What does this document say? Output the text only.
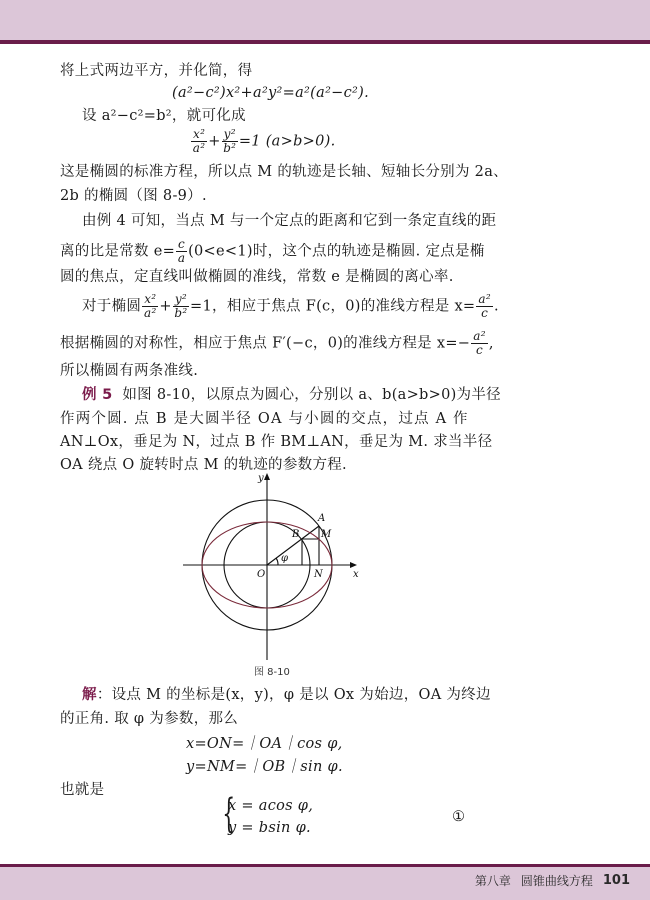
将上式两边平方，并化简，得
(a²−c²)x²+a²y²=a²(a²−c²).
设 a²−c²=b²，就可化成
$\frac{\text{x²}}{\text{a²}} + \frac{\text{y²}}{\text{b²}} =1$ (a>b>0).
这是椭圆的标准方程，所以点 M 的轨迹是长轴、短轴长分别为 2a、
2b 的椭圆（图 8-9）.
由例 4 可知，当点 M 与一个定点的距离和它到一条定直线的距
离的比是常数 $e= \frac{c}{a} (0<e<1)$时，这个点的轨迹是椭圆. 定点是椭
圆的焦点，定直线叫做椭圆的准线，常数 e 是椭圆的离心率.
对于椭圆 $\frac{\text{x²}}{\text{a²}} + \frac{\text{y²}}{\text{b²}} =1$，相应于焦点 F(c，0)的准线方程是 $x= \frac{\text{a²}}{c}$ .
根据椭圆的对称性，相应于焦点 F′(−c，0)的准线方程是 $x=- \frac{\text{a²}}{c}$ ,
所以椭圆有两条准线.
例 5 如图 8-10，以原点为圆心，分别以 a、b(a>b>0)为半径
作两个圆. 点 B 是大圆半径 OA 与小圆的交点，过点 A 作
AN⊥Ox，垂足为 N，过点 B 作 BM⊥AN，垂足为 M. 求当半径
OA 绕点 O 旋转时点 M 的轨迹的参数方程.
y
x
O	N
A
B M
φ
图 8-10
解：设点 M 的坐标是(x，y)，φ 是以 Ox 为始边，OA 为终边
的正角. 取 φ 为参数，那么
x=ON=｜OA｜cos φ,
y=NM=｜OB｜sin φ.
也就是
{
x = acos φ,
y = bsin φ.
①
第八章 圆锥曲线方程 101
